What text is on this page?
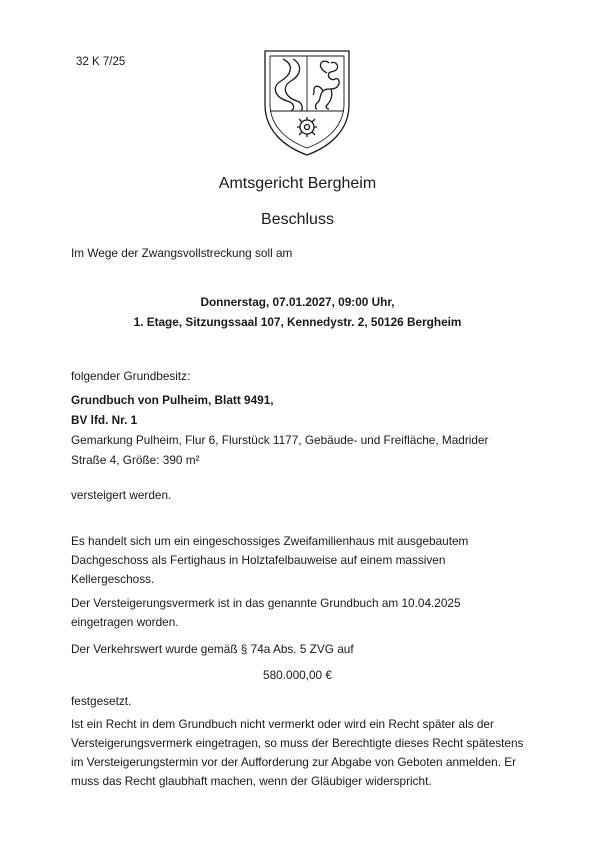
32 K 7/25
Amtsgericht Bergheim
Beschluss
Im Wege der Zwangsvollstreckung soll am
Donnerstag, 07.01.2027, 09:00 Uhr,
1. Etage, Sitzungssaal 107, Kennedystr. 2, 50126 Bergheim
folgender Grundbesitz:
Grundbuch von Pulheim, Blatt 9491,
BV lfd. Nr. 1
Gemarkung Pulheim, Flur 6, Flurstück 1177, Gebäude- und Freifläche, Madrider
Straße 4, Größe: 390 m²
versteigert werden.
Es handelt sich um ein eingeschossiges Zweifamilienhaus mit ausgebautem Dachgeschoss als Fertighaus in Holztafelbauweise auf einem massiven Kellergeschoss.
Der Versteigerungsvermerk ist in das genannte Grundbuch am 10.04.2025 eingetragen worden.
Der Verkehrswert wurde gemäß § 74a Abs. 5 ZVG auf
580.000,00 €
festgesetzt.
Ist ein Recht in dem Grundbuch nicht vermerkt oder wird ein Recht später als der Versteigerungsvermerk eingetragen, so muss der Berechtigte dieses Recht spätestens im Versteigerungstermin vor der Aufforderung zur Abgabe von Geboten anmelden. Er muss das Recht glaubhaft machen, wenn der Gläubiger widerspricht.
